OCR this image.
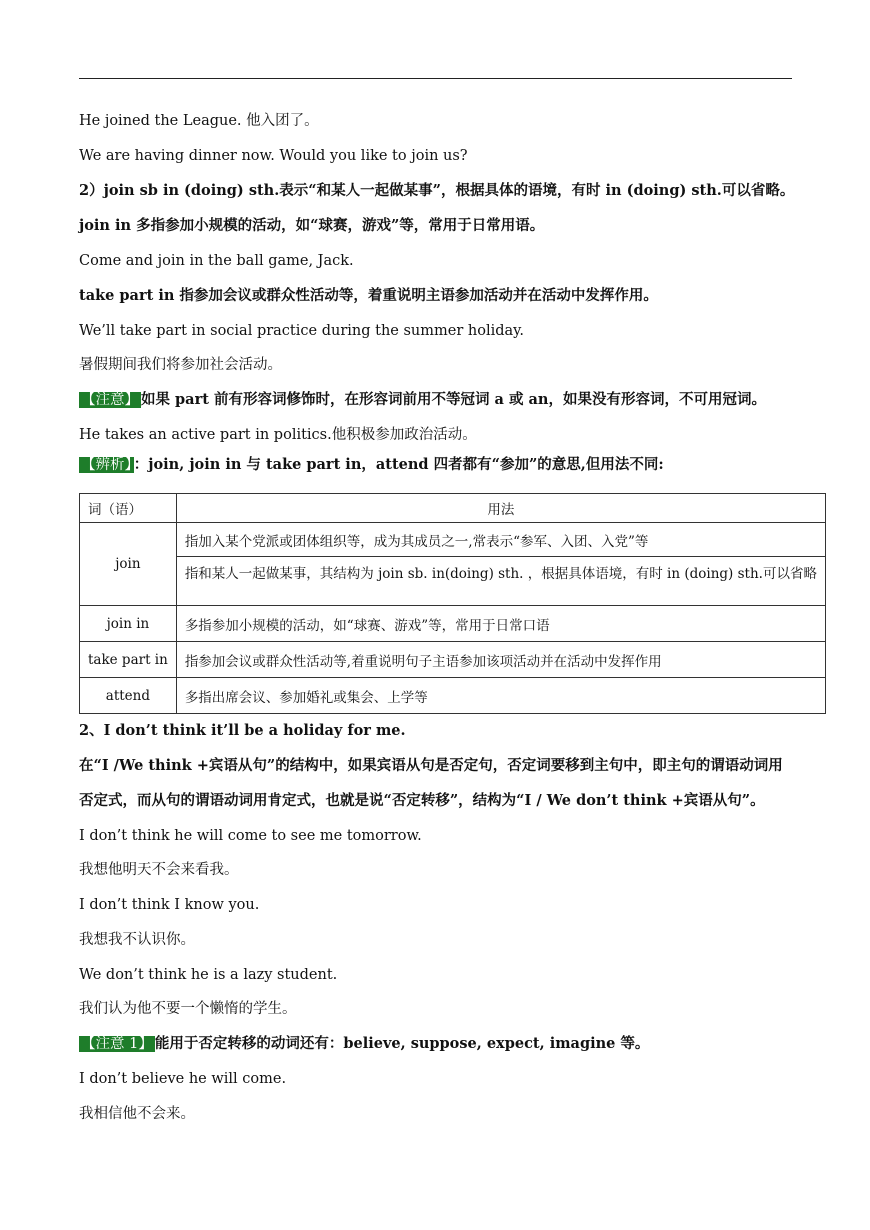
He joined the League. 他入团了。
We are having dinner now. Would you like to join us?
2）join sb in (doing) sth.表示“和某人一起做某事”，根据具体的语境，有时 in (doing) sth.可以省略。
join in 多指参加小规模的活动，如“球赛，游戏”等，常用于日常用语。
Come and join in the ball game, Jack.
take part in 指参加会议或群众性活动等，着重说明主语参加活动并在活动中发挥作用。
We’ll take part in social practice during the summer holiday.
暑假期间我们将参加社会活动。
【注意】 如果 part 前有形容词修饰时，在形容词前用不等冠词 a 或 an，如果没有形容词，不可用冠词。
He takes an active part in politics.他积极参加政治活动。
【辨析】 ：join, join in 与 take part in，attend 四者都有“参加”的意思,但用法不同:
词（语）	用法
join	指加入某个党派或团体组织等，成为其成员之一,常表示“参军、入团、入党”等

	指和某人一起做某事，其结构为 join sb. in(doing) sth. ，根据具体语境，有时 in (doing) sth.可以省略

join in	多指参加小规模的活动，如“球赛、游戏”等，常用于日常口语
take part in	指参加会议或群众性活动等,着重说明句子主语参加该项活动并在活动中发挥作用
attend	多指出席会议、参加婚礼或集会、上学等
2、I don’t think it’ll be a holiday for me.
在“I /We think +宾语从句”的结构中，如果宾语从句是否定句，否定词要移到主句中，即主句的谓语动词用
否定式，而从句的谓语动词用肯定式，也就是说“否定转移”，结构为“I / We don’t think +宾语从句”。
I don’t think he will come to see me tomorrow.
我想他明天不会来看我。
I don’t think I know you.
我想我不认识你。
We don’t think he is a lazy student.
我们认为他不要一个懒惰的学生。
【注意 1】 能用于否定转移的动词还有：believe, suppose, expect, imagine 等。
I don’t believe he will come.
我相信他不会来。
